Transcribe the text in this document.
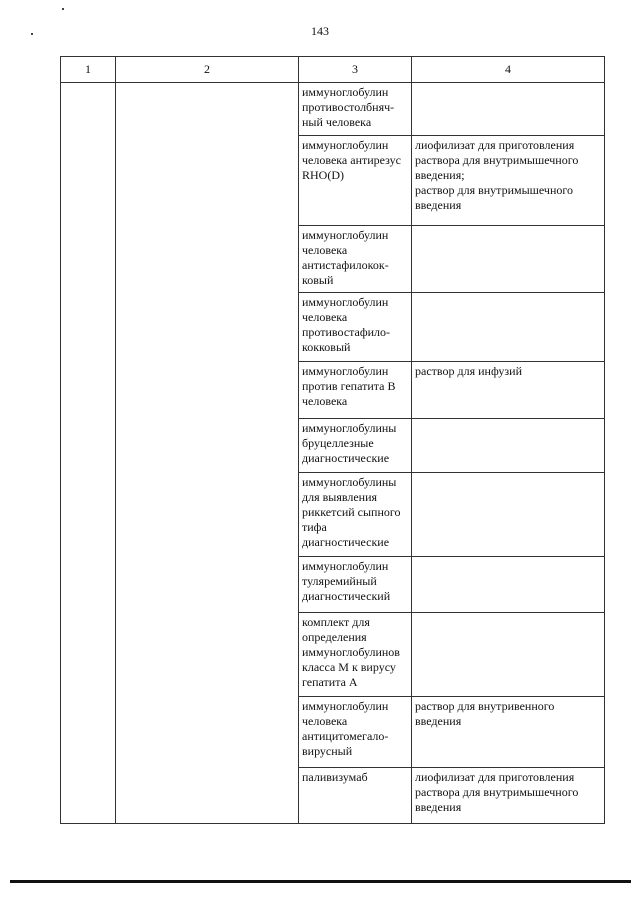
143
1	2	3	4

		иммуноглобулин
противостолбняч-
ный человека	

		иммуноглобулин
человека антирезус
RHO(D)	лиофилизат для приготовления
раствора для внутримышечного
введения;
раствор для внутримышечного
введения

		иммуноглобулин
человека
антистафилокок-
ковый	

		иммуноглобулин
человека
противостафило-
кокковый	

		иммуноглобулин
против гепатита В
человека	раствор для инфузий

		иммуноглобулины
бруцеллезные
диагностические	

		иммуноглобулины
для выявления
риккетсий сыпного
тифа
диагностические	

		иммуноглобулин
туляремийный
диагностический	

		комплект для
определения
иммуноглобулинов
класса М к вирусу
гепатита А	

		иммуноглобулин
человека
антицитомегало-
вирусный	раствор для внутривенного
введения

		паливизумаб	лиофилизат для приготовления
раствора для внутримышечного
введения
